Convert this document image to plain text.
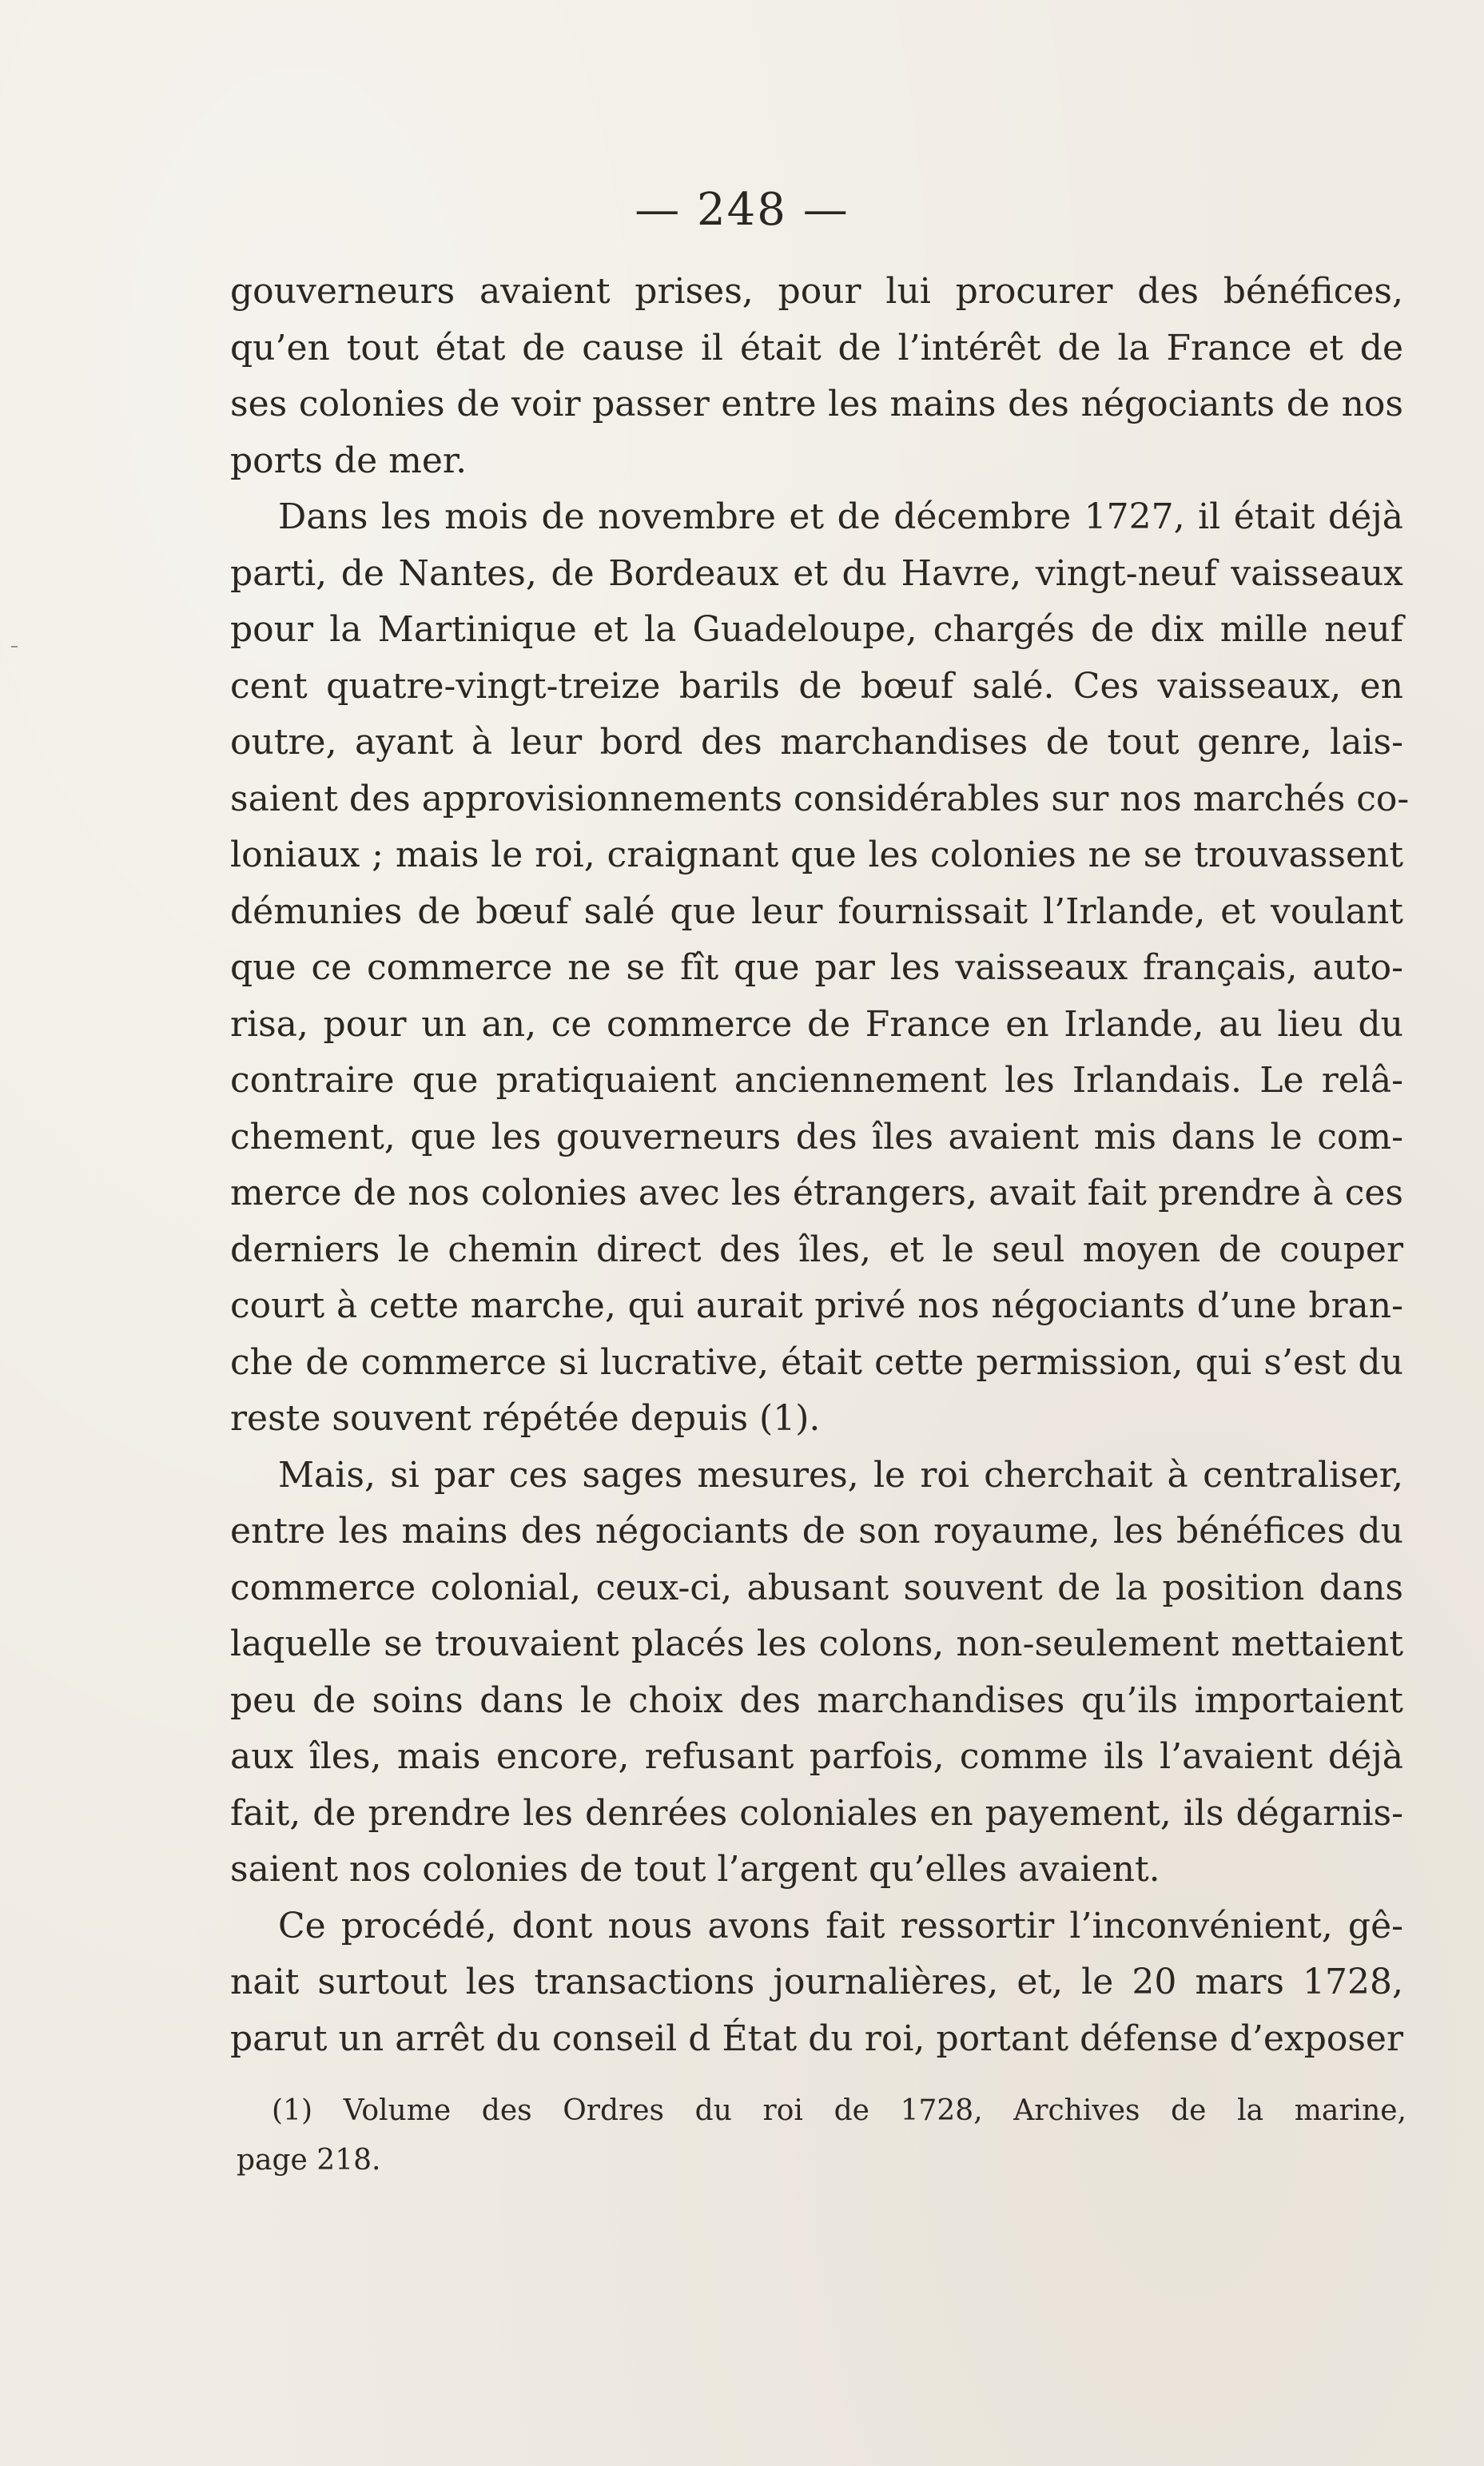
— 248 —
gouverneurs avaient prises, pour lui procurer des bénéfices,
qu’en tout état de cause il était de l’intérêt de la France et de
ses colonies de voir passer entre les mains des négociants de nos
ports de mer.
Dans les mois de novembre et de décembre 1727, il était déjà
parti, de Nantes, de Bordeaux et du Havre, vingt-neuf vaisseaux
pour la Martinique et la Guadeloupe, chargés de dix mille neuf
cent quatre-vingt-treize barils de bœuf salé. Ces vaisseaux, en
outre, ayant à leur bord des marchandises de tout genre, lais-
saient des approvisionnements considérables sur nos marchés co-
loniaux ; mais le roi, craignant que les colonies ne se trouvassent
démunies de bœuf salé que leur fournissait l’Irlande, et voulant
que ce commerce ne se fît que par les vaisseaux français, auto-
risa, pour un an, ce commerce de France en Irlande, au lieu du
contraire que pratiquaient anciennement les Irlandais. Le relâ-
chement, que les gouverneurs des îles avaient mis dans le com-
merce de nos colonies avec les étrangers, avait fait prendre à ces
derniers le chemin direct des îles, et le seul moyen de couper
court à cette marche, qui aurait privé nos négociants d’une bran-
che de commerce si lucrative, était cette permission, qui s’est du
reste souvent répétée depuis (1).
Mais, si par ces sages mesures, le roi cherchait à centraliser,
entre les mains des négociants de son royaume, les bénéfices du
commerce colonial, ceux-ci, abusant souvent de la position dans
laquelle se trouvaient placés les colons, non-seulement mettaient
peu de soins dans le choix des marchandises qu’ils importaient
aux îles, mais encore, refusant parfois, comme ils l’avaient déjà
fait, de prendre les denrées coloniales en payement, ils dégarnis-
saient nos colonies de tout l’argent qu’elles avaient.
Ce procédé, dont nous avons fait ressortir l’inconvénient, gê-
nait surtout les transactions journalières, et, le 20 mars 1728,
parut un arrêt du conseil d État du roi, portant défense d’exposer
(1) Volume des Ordres du roi de 1728, Archives de la marine,
page 218.
